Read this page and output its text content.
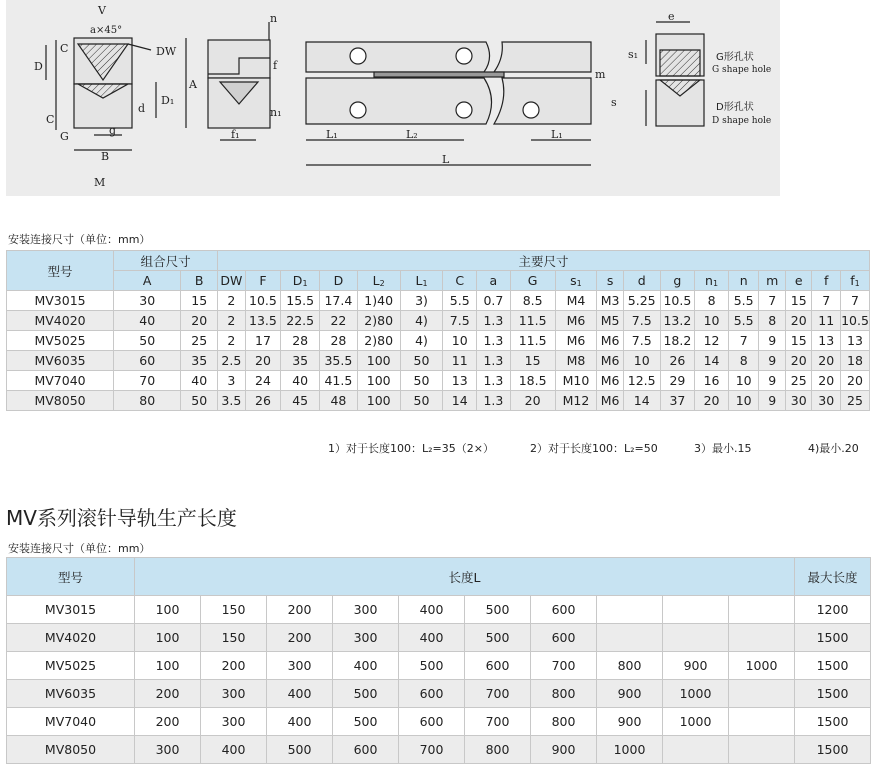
V
a×45°
DW
C
D
A
D₁
d
C
G	g
B
M
n
f
n₁
f₁	L₁	L₂	L₁
L
m
s
e
s₁	G形孔状
G shape hole
D形孔状
D shape hole
安装连接尺寸（单位：mm）
型号	组合尺寸		主要尺寸																		
	A	B	DW	F	$D_1$	D	$L_2$	$L_1$	C	a	G	$s_1$	s	d	g	$n_1$	n	m	e	f	$f_1$
MV3015	30	15	2	10.5	15.5	17.4	1)40	3)	5.5	0.7	8.5	M4	M3	5.25	10.5	8	5.5	7	15	7	7
MV4020	40	20	2	13.5	22.5	22	2)80	4)	7.5	1.3	11.5	M6	M5	7.5	13.2	10	5.5	8	20	11	10.5
MV5025	50	25	2	17	28	28	2)80	4)	10	1.3	11.5	M6	M6	7.5	18.2	12	7	9	15	13	13
MV6035	60	35	2.5	20	35	35.5	100	50	11	1.3	15	M8	M6	10	26	14	8	9	20	20	18
MV7040	70	40	3	24	40	41.5	100	50	13	1.3	18.5	M10	M6	12.5	29	16	10	9	25	20	20
MV8050	80	50	3.5	26	45	48	100	50	14	1.3	20	M12	M6	14	37	20	10	9	30	30	25
1）对于长度100：L₂=35（2×）	2）对于长度100：L₂=50	3）最小.15	4)最小.20
MV系列滚针导轨生产长度
安装连接尺寸（单位：mm）
型号	长度L										最大长度
MV3015	100	150	200	300	400	500	600				1200
MV4020	100	150	200	300	400	500	600				1500
MV5025	100	200	300	400	500	600	700	800	900	1000	1500
MV6035	200	300	400	500	600	700	800	900	1000		1500
MV7040	200	300	400	500	600	700	800	900	1000		1500
MV8050	300	400	500	600	700	800	900	1000			1500
